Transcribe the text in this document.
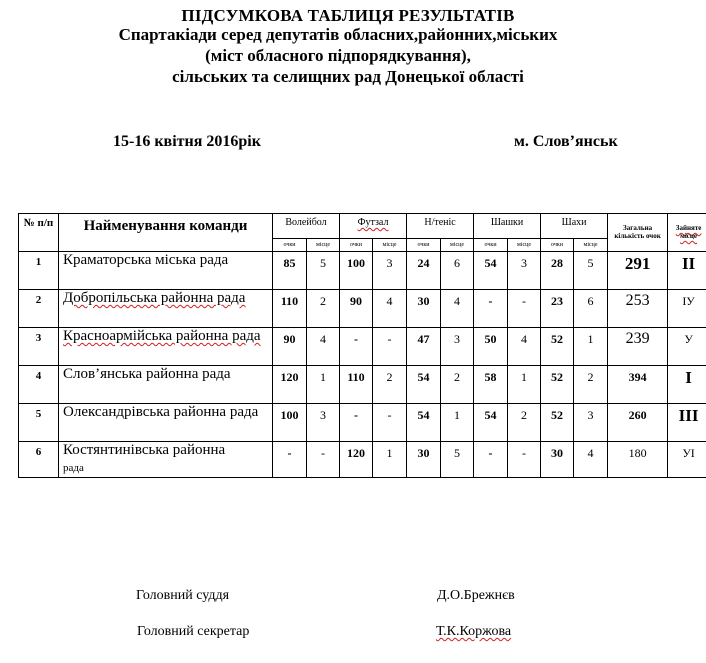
ПІДСУМКОВА ТАБЛИЦЯ РЕЗУЛЬТАТІВ
Спартакіади серед депутатів обласних,районних,міських
(міст обласного підпорядкування),
сільських та селищних рад Донецької області
15-16 квітня 2016рік	м. Слов’янськ
№ п/п	Найменування команди	Волейбол		Футзал		Н/теніс		Шашки		Шахи		Загальна кількість очок	Зайняте місце
		очки	місце	очки	місце	очки	місце	очки	місце	очки	місце		
1	Краматорська міська рада	85	5	100	3	24	6	54	3	28	5	291	II
2	Добропільська районна рада	110	2	90	4	30	4	-	-	23	6	253	ІУ
3	Красноармійська районна рада	90	4	-	-	47	3	50	4	52	1	239	У
4	Слов’янська районна рада	120	1	110	2	54	2	58	1	52	2	394	I
5	Олександрівська районна рада	100	3	-	-	54	1	54	2	52	3	260	III
6	Костянтинівська районна
рада	-	-	120	1	30	5	-	-	30	4	180	УІ
Головний суддя	Д.О.Брежнєв
Головний секретар	Т.К.Коржова
